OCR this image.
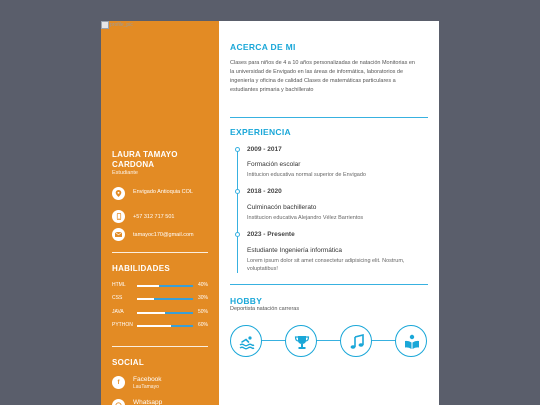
profile_pic
LAURA TAMAYO CARDONA
Estudiante
Envigado Antioquia COL
+57 312 717 501
tamayoc170@gmail.com
HABILIDADES
HTML	40%
CSS	30%
JAVA	50%
PYTHON	60%
SOCIAL
f Facebook
LauTamayo
Whatsapp
ACERCA DE MI
Clases para niños de 4 a 10 años personalizadas de natación Monitorias en la universidad de Envigado en las áreas de informática, laboratorios de ingeniería y oficina de calidad Clases de matemáticas particulares a estudiantes primaria y bachillerato
EXPERIENCIA
2009 - 2017
Formación escolar
Intitucion educativa normal superior de Envigado
2018 - 2020
Culminacón bachillerato
Institucion educativa Alejandro Vélez Barrientos
2023 - Presente
Estudiante Ingeniería informática
Lorem ipsum dolor sit amet consectetur adipisicing elit. Nostrum, voluptatibus!
HOBBY
Deportista natación carreras
